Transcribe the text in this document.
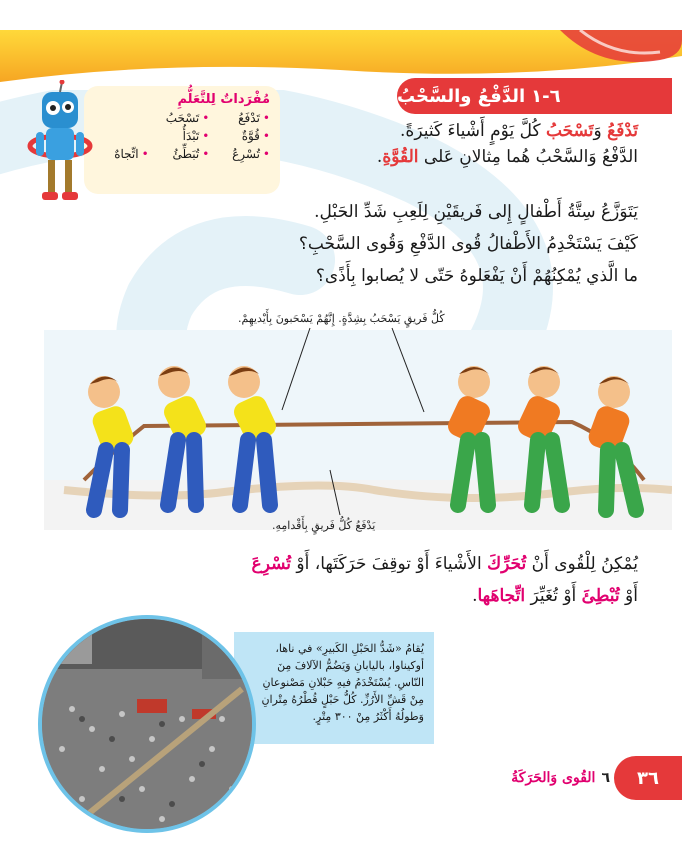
٦-١
الدَّفْعُ والسَّحْبُ
مُفْرَداتٌ لِلتَّعَلُّمِ
• تَدْفَعُ
• تَسْحَبُ
• قُوَّةٌ
• تَبْدَأُ
• تُسْرِعُ
• تُبَطِّئُ
• اتِّجاهٌ
تَدْفَعُ وَتَسْحَبُ كُلَّ يَوْمٍ أَشْياءَ كَثيرَةً.
الدَّفْعُ وَالسَّحْبُ هُما مِثالانِ عَلى القُوَّةِ.
يَتَوَزَّعُ سِتَّةُ أَطْفالٍ إِلى فَريقَيْنِ لِلَعِبِ شَدِّ الحَبْلِ.
كَيْفَ يَسْتَخْدِمُ الأَطْفالُ قُوى الدَّفْعِ وَقُوى السَّحْبِ؟
ما الَّذي يُمْكِنُهُمْ أَنْ يَفْعَلوهُ حَتّى لا يُصابوا بِأَذًى؟
كُلُّ فَريقٍ يَسْحَبُ بِشِدَّةٍ. إِنَّهُمْ يَسْحَبونَ بِأَيْديهِمْ.
يَدْفَعُ كُلُّ فَريقٍ بِأَقْدامِهِ.
يُمْكِنُ لِلْقُوى أَنْ تُحَرِّكَ الأَشْياءَ أَوْ توقِفَ حَرَكَتَها، أَوْ تُسْرِعَ
أَوْ تُبْطِئَ أَوْ تُغَيِّرَ اتِّجاهَها.

يُقامُ «شَدُّ الحَبْلِ الكَبيرِ» في ناها، أوكيناوا، باليابانِ وَيَضُمُّ الآلافَ مِنَ النّاسِ. يُسْتَخْدَمُ فيهِ حَبْلانِ مَصْنوعانِ مِنْ قَشِّ الأَرُزِّ. كُلُّ حَبْلٍ قُطْرُهُ مِتْرانِ وَطولُهُ أَكْثَرُ مِنْ ٣٠٠ مِتْرٍ.

٦
القُوى وَالحَرَكَةُ ٣٦
